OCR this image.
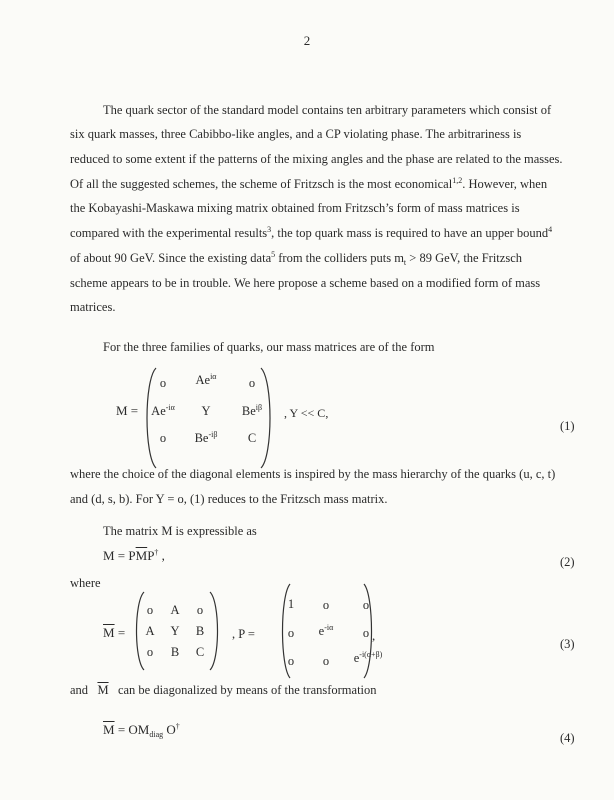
2
The quark sector of the standard model contains ten arbitrary parameters which consist of
six quark masses, three Cabibbo-like angles, and a CP violating phase. The arbitrariness is
reduced to some extent if the patterns of the mixing angles and the phase are related to the masses.
Of all the suggested schemes, the scheme of Fritzsch is the most economical$^{1,2}$. However, when
the Kobayashi-Maskawa mixing matrix obtained from Fritzsch’s form of mass matrices is
compared with the experimental results$^3$, the top quark mass is required to have an upper bound$^4$
of about 90 GeV. Since the existing data$^5$ from the colliders puts $m_t > 89$ GeV, the Fritzsch
scheme appears to be in trouble. We here propose a scheme based on a modified form of mass
matrices.
For the three families of quarks, our mass matrices are of the form
M =
o	$Ae^{i\alpha}$	o
$Ae^{-i\alpha}$	Y	$Be^{i\beta}$
o	$Be^{-i\beta}$	C
, Y << C,
(1)
where the choice of the diagonal elements is inspired by the mass hierarchy of the quarks (u, c, t)
and (d, s, b). For Y = o, (1) reduces to the Fritzsch mass matrix.
The matrix M is expressible as
$M = P\overline{M}P^\dagger$ ,	(2)
where
$\overline{M}$ =
o	A	o
A	Y	B
o	B	C
, P =
1	o	o
o	$e^{-i\alpha}$	o
o	o	$e^{-i(\alpha+\beta)}$
,
(3)
and $\overline{M}$ can be diagonalized by means of the transformation
$\overline{M} = OM_{diag}$ O†
(4)
